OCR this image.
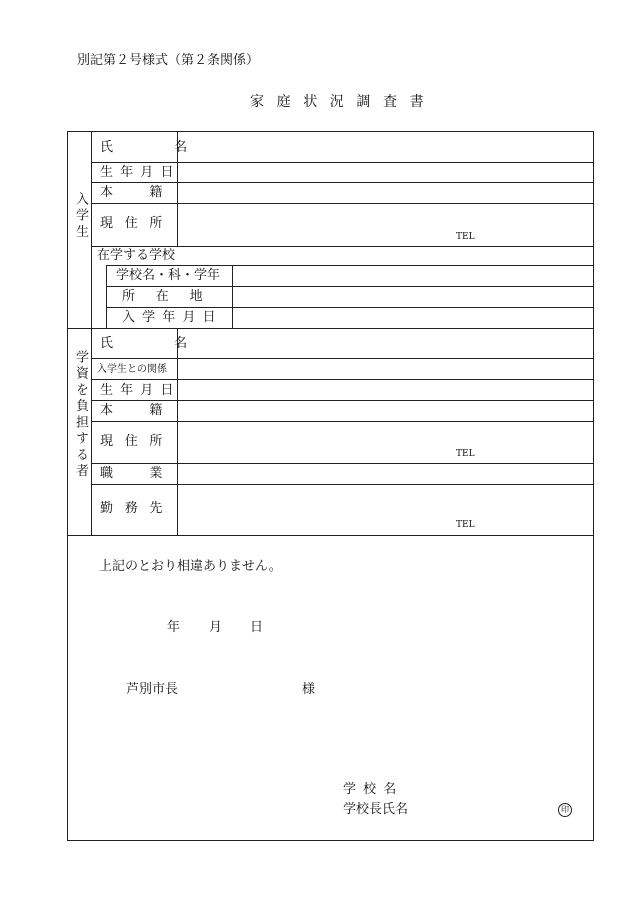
別記第２号様式（第２条関係）
家庭状況調査書
入学生
氏　　名
生年月日
本　籍
現住所
TEL
在学する学校
学校名・科・学年
所　在　地
入学年月日
学資を負担する者
氏　　名
入学生との関係
生年月日
本　籍
現住所
TEL
職　業
勤務先
TEL
上記のとおり相違ありません。
年 月 日
芦別市長	様
学校名
学校長氏名	印
